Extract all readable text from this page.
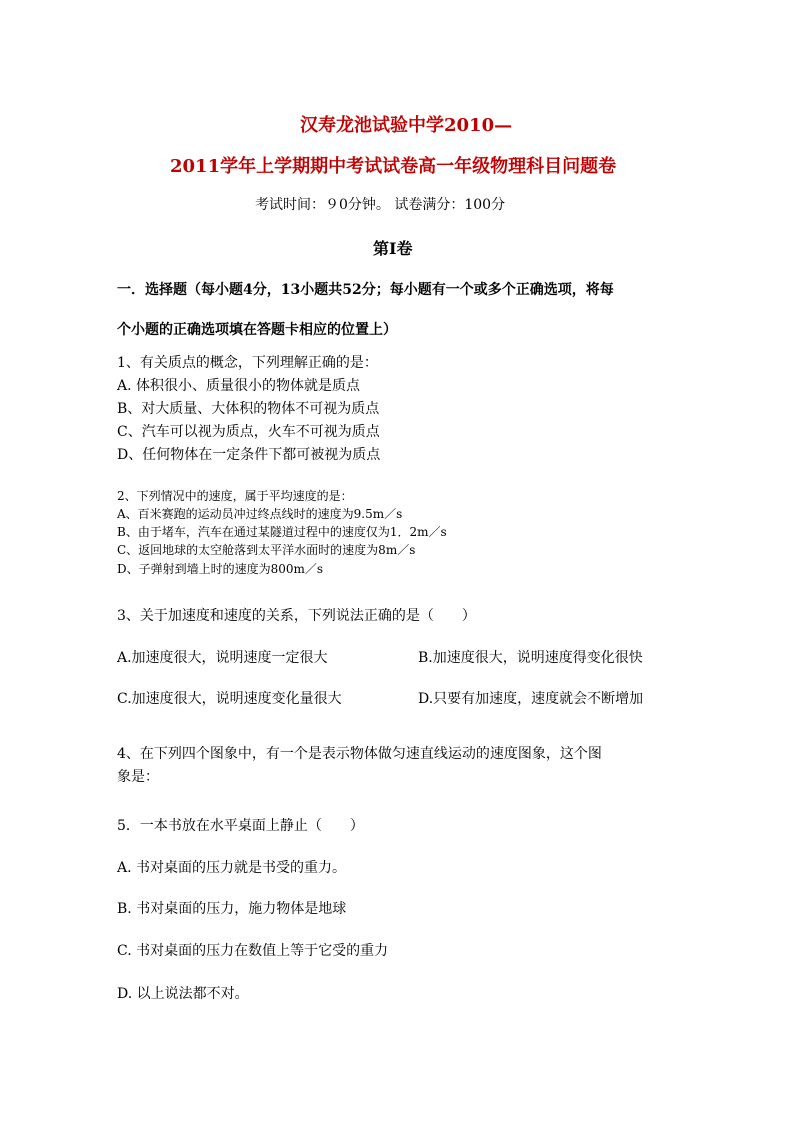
汉寿龙池试验中学2010—
2011学年上学期期中考试试卷高一年级物理科目问题卷
考试时间：９0分钟。 试卷满分：100分
第I卷
一．选择题（每小题4分，13小题共52分；每小题有一个或多个正确选项，将每
个小题的正确选项填在答题卡相应的位置上）
1、有关质点的概念，下列理解正确的是：
A. 体积很小、质量很小的物体就是质点
B、对大质量、大体积的物体不可视为质点
C、汽车可以视为质点，火车不可视为质点
D、任何物体在一定条件下都可被视为质点
2、下列情况中的速度，属于平均速度的是：
A、百米赛跑的运动员冲过终点线时的速度为9.5m／s
B、由于堵车，汽车在通过某隧道过程中的速度仅为1．2m／s
C、返回地球的太空舱落到太平洋水面时的速度为8m／s
D、子弹射到墙上时的速度为800m／s
3、关于加速度和速度的关系，下列说法正确的是（　　）
A.加速度很大，说明速度一定很大	B.加速度很大，说明速度得变化很快
C.加速度很大，说明速度变化量很大	D.只要有加速度，速度就会不断增加
4、在下列四个图象中，有一个是表示物体做匀速直线运动的速度图象，这个图
象是：
5．一本书放在水平桌面上静止（　　）
A. 书对桌面的压力就是书受的重力。
B. 书对桌面的压力，施力物体是地球
C. 书对桌面的压力在数值上等于它受的重力
D. 以上说法都不对。
